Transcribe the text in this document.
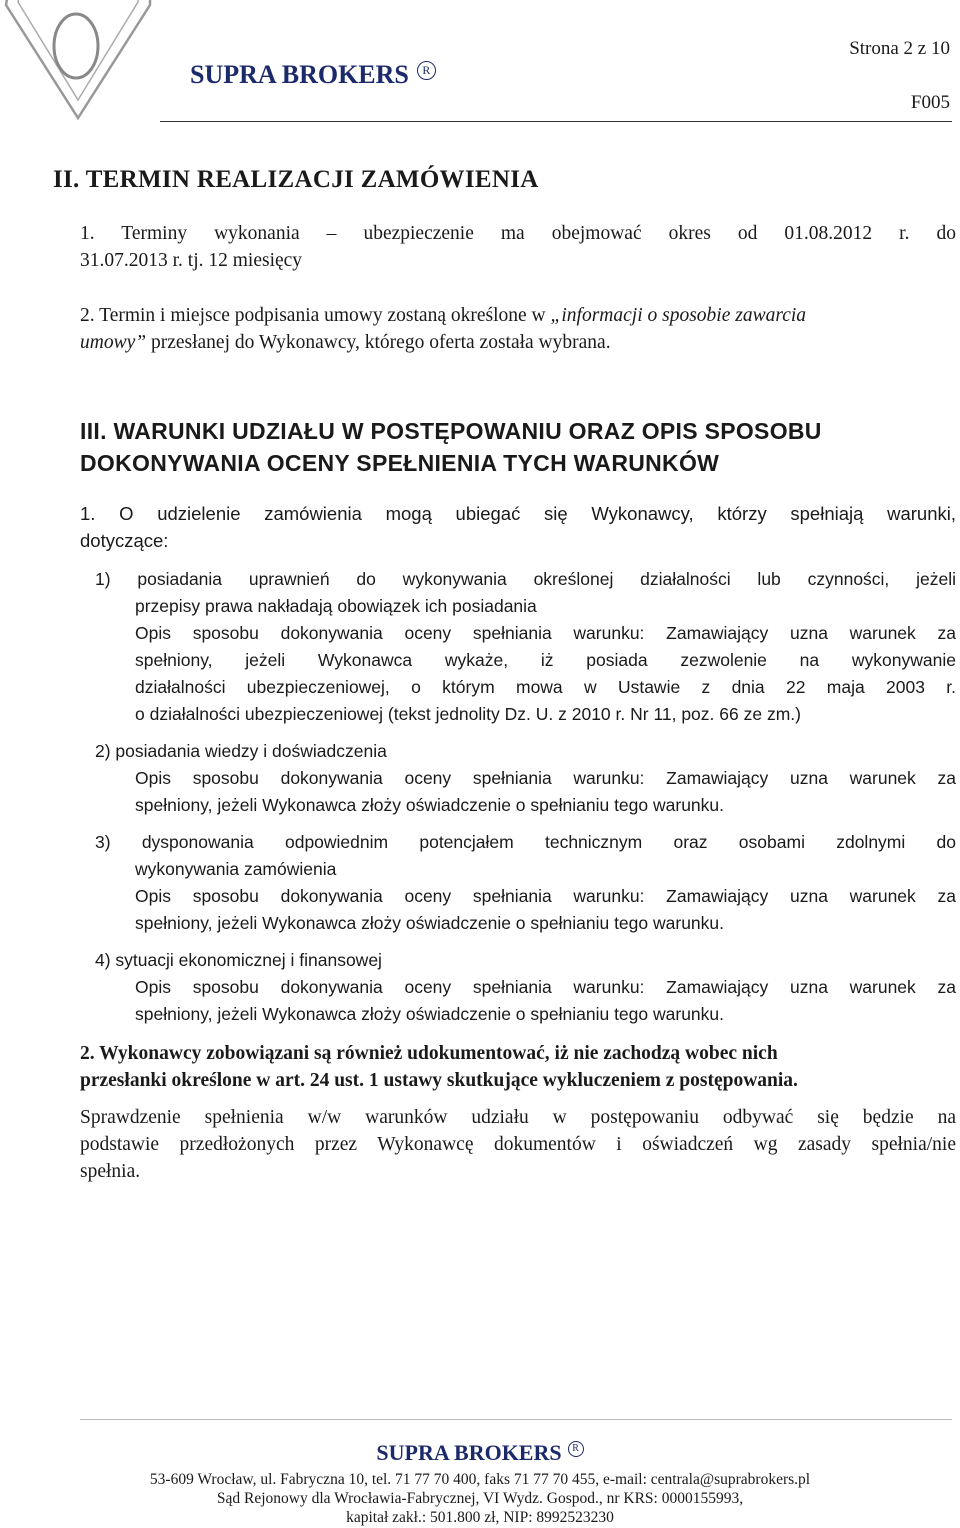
SUPRA BROKERS R
Strona 2 z 10
F005
II. TERMIN REALIZACJI ZAMÓWIENIA
1. Terminy wykonania – ubezpieczenie ma obejmować okres od 01.08.2012 r. do
31.07.2013 r. tj. 12 miesięcy
2. Termin i miejsce podpisania umowy zostaną określone w „informacji o sposobie zawarcia
umowy” przesłanej do Wykonawcy, którego oferta została wybrana.
III. WARUNKI UDZIAŁU W POSTĘPOWANIU ORAZ OPIS SPOSOBU
DOKONYWANIA OCENY SPEŁNIENIA TYCH WARUNKÓW
1. O udzielenie zamówienia mogą ubiegać się Wykonawcy, którzy spełniają warunki,
dotyczące:
1) posiadania uprawnień do wykonywania określonej działalności lub czynności, jeżeli
przepisy prawa nakładają obowiązek ich posiadania
Opis sposobu dokonywania oceny spełniania warunku: Zamawiający uzna warunek za
spełniony, jeżeli Wykonawca wykaże, iż posiada zezwolenie na wykonywanie
działalności ubezpieczeniowej, o którym mowa w Ustawie z dnia 22 maja 2003 r.
o działalności ubezpieczeniowej (tekst jednolity Dz. U. z 2010 r. Nr 11, poz. 66 ze zm.)
2) posiadania wiedzy i doświadczenia
Opis sposobu dokonywania oceny spełniania warunku: Zamawiający uzna warunek za
spełniony, jeżeli Wykonawca złoży oświadczenie o spełnianiu tego warunku.
3) dysponowania odpowiednim potencjałem technicznym oraz osobami zdolnymi do
wykonywania zamówienia
Opis sposobu dokonywania oceny spełniania warunku: Zamawiający uzna warunek za
spełniony, jeżeli Wykonawca złoży oświadczenie o spełnianiu tego warunku.
4) sytuacji ekonomicznej i finansowej
Opis sposobu dokonywania oceny spełniania warunku: Zamawiający uzna warunek za
spełniony, jeżeli Wykonawca złoży oświadczenie o spełnianiu tego warunku.
2. Wykonawcy zobowiązani są również udokumentować, iż nie zachodzą wobec nich
przesłanki określone w art. 24 ust. 1 ustawy skutkujące wykluczeniem z postępowania.
Sprawdzenie spełnienia w/w warunków udziału w postępowaniu odbywać się będzie na
podstawie przedłożonych przez Wykonawcę dokumentów i oświadczeń wg zasady spełnia/nie
spełnia.
SUPRA BROKERS R
53-609 Wrocław, ul. Fabryczna 10, tel. 71 77 70 400, faks 71 77 70 455, e-mail: centrala@suprabrokers.pl
Sąd Rejonowy dla Wrocławia-Fabrycznej, VI Wydz. Gospod., nr KRS: 0000155993,
kapitał zakł.: 501.800 zł, NIP: 8992523230
